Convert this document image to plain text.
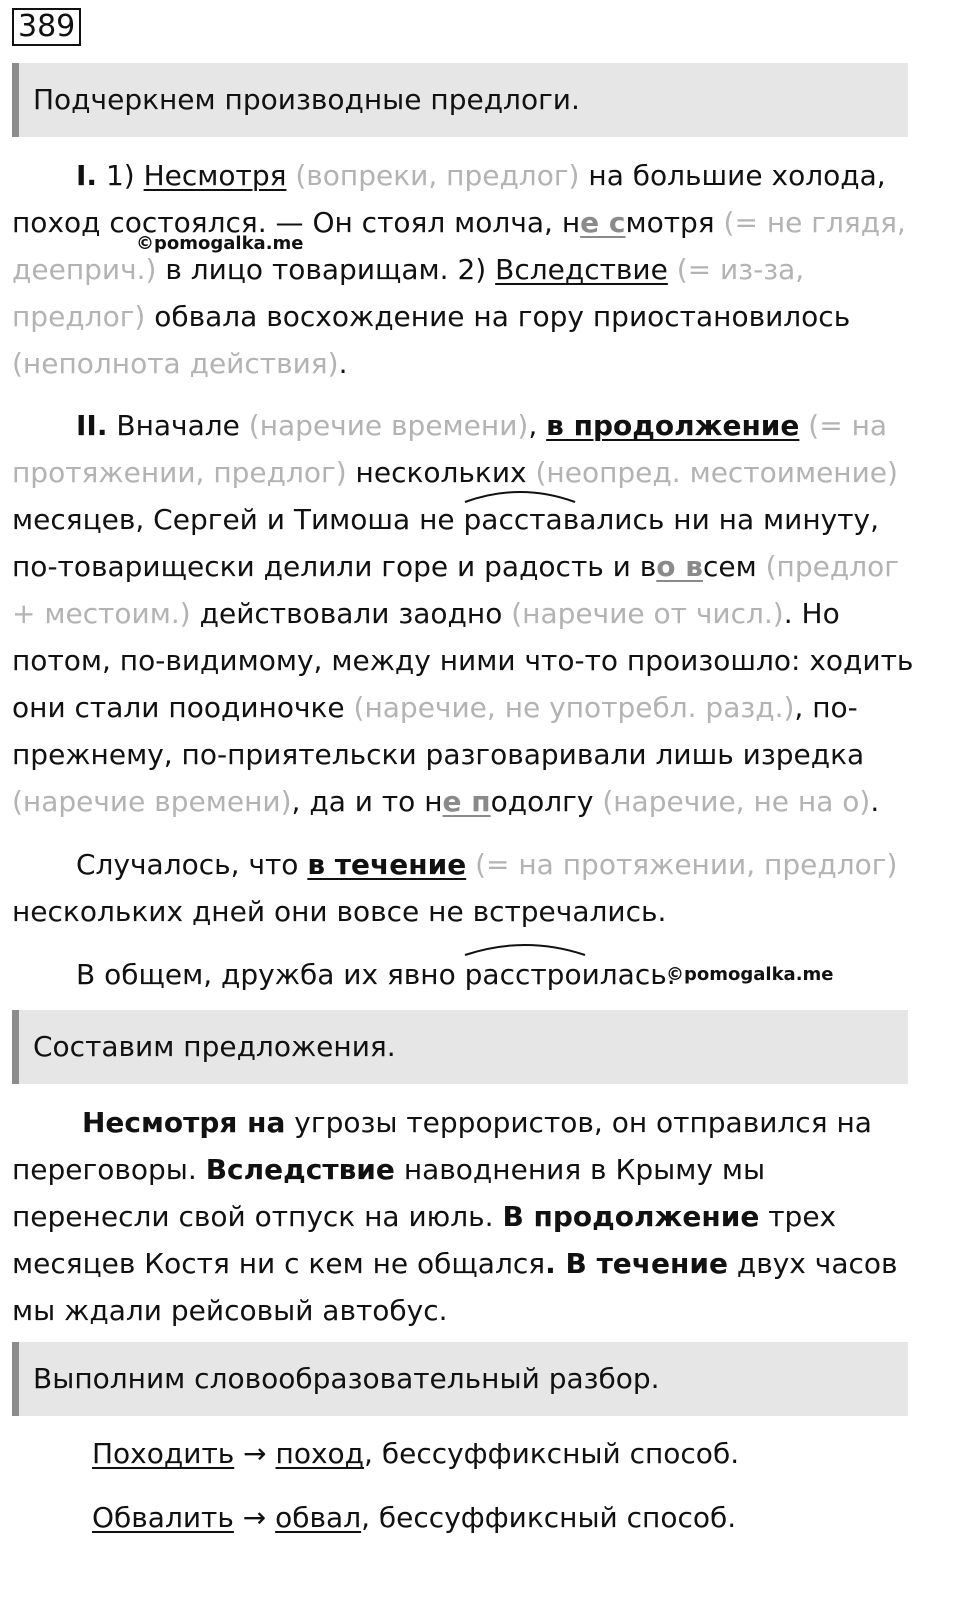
389
Подчеркнем производные предлоги.
I. 1) Несмотря (вопреки, предлог) на большие холода, поход состоялся. — Он стоял молча, не смотря (= не глядя, дееприч.) в лицо товарищам. 2) Вследствие (= из-за, предлог) обвала восхождение на гору приостановилось (неполнота действия).
©pomogalka.me
II. Вначале (наречие времени), в продолжение (= на протяжении, предлог) нескольких (неопред. местоимение) месяцев, Сергей и Тимоша не расставались ни на минуту, по-товарищески делили горе и радость и во всем (предлог + местоим.) действовали заодно (наречие от числ.). Но потом, по-видимому, между ними что-то произошло: ходить они стали поодиночке (наречие, не употребл. разд.), по-прежнему, по-приятельски разговаривали лишь изредка (наречие времени), да и то не подолгу (наречие, не на о).
Случалось, что в течение (= на протяжении, предлог) нескольких дней они вовсе не встречались.
В общем, дружба их явно расстроилась.
©pomogalka.me
Составим предложения.
Несмотря на угрозы террористов, он отправился на переговоры. Вследствие наводнения в Крыму мы перенесли свой отпуск на июль. В продолжение трех месяцев Костя ни с кем не общался. В течение двух часов мы ждали рейсовый автобус.
Выполним словообразовательный разбор.
Походить → поход, бессуффиксный способ.
Обвалить → обвал, бессуффиксный способ.
